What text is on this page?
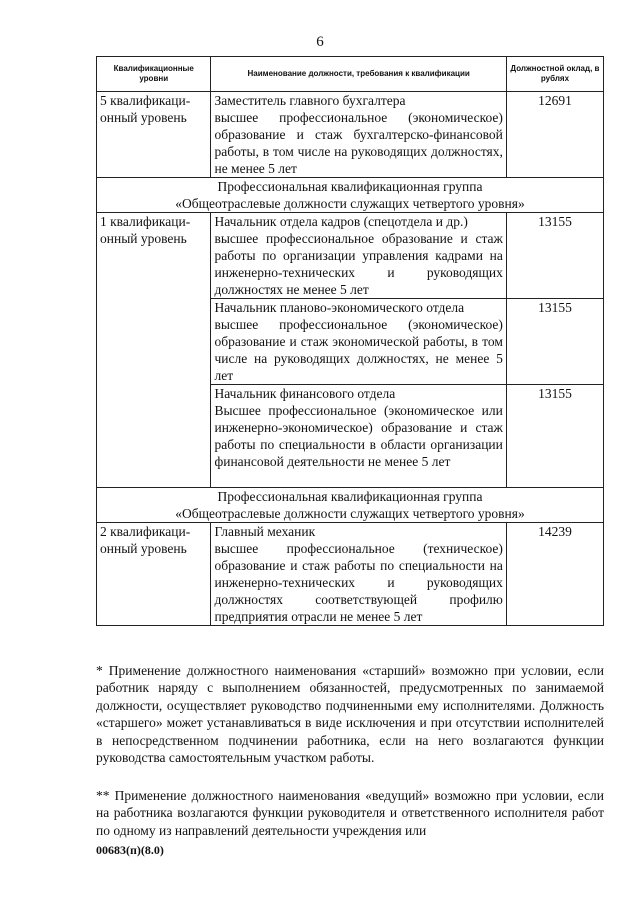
6
Квалификационные уровни	Наименование должности, требования к квалификации	Должностной оклад, в рублях
5 квалификаци-онный уровень	Заместитель главного бухгалтера
высшее профессиональное (экономическое) образование и стаж бухгалтерско-финансовой работы, в том числе на руководящих должностях, не менее 5 лет	12691

Профессиональная квалификационная группа
«Общеотраслевые должности служащих четвертого уровня»		

1 квалификаци-онный уровень	Начальник отдела кадров (спецотдела и др.)
высшее профессиональное образование и стаж работы по организации управления кадрами на инженерно-технических и руководящих должностях не менее 5 лет	13155

	Начальник планово-экономического отдела
высшее профессиональное (экономическое) образование и стаж экономической работы, в том числе на руководящих должностях, не менее 5 лет	13155

	Начальник финансового отдела
Высшее профессиональное (экономическое или инженерно-экономическое) образование и стаж работы по специальности в области организации финансовой деятельности не менее 5 лет	13155

Профессиональная квалификационная группа
«Общеотраслевые должности служащих четвертого уровня»		

2 квалификаци-онный уровень	Главный механик
высшее профессиональное (техническое) образование и стаж работы по специальности на инженерно-технических и руководящих должностях соответствующей профилю предприятия отрасли не менее 5 лет	14239
* Применение должностного наименования «старший» возможно при условии, если работник наряду с выполнением обязанностей, предусмотренных по занимаемой должности, осуществляет руководство подчиненными ему исполнителями. Должность «старшего» может устанавливаться в виде исключения и при отсутствии исполнителей в непосредственном подчинении работника, если на него возлагаются функции руководства самостоятельным участком работы.
** Применение должностного наименования «ведущий» возможно при условии, если на работника возлагаются функции руководителя и ответственного исполнителя работ по одному из направлений деятельности учреждения или
00683(п)(8.0)
